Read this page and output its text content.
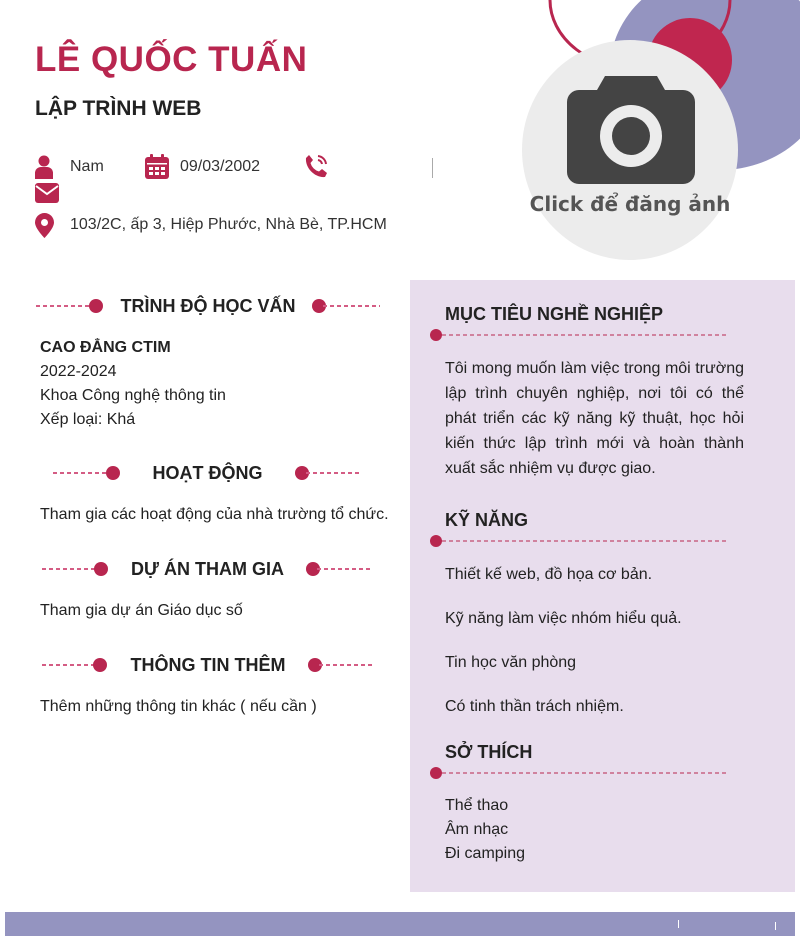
Click để đăng ảnh
LÊ QUỐC TUẤN
LẬP TRÌNH WEB
Nam	09/03/2002
103/2C, ấp 3, Hiệp Phước, Nhà Bè, TP.HCM
TRÌNH ĐỘ HỌC VẤN
CAO ĐẲNG CTIM
2022-2024
Khoa Công nghệ thông tin
Xếp loại: Khá
HOẠT ĐỘNG
Tham gia các hoạt động của nhà trường tổ chức.
DỰ ÁN THAM GIA
Tham gia dự án Giáo dục số
THÔNG TIN THÊM
Thêm những thông tin khác ( nếu cần )
MỤC TIÊU NGHỀ NGHIỆP
Tôi mong muốn làm việc trong môi trường lập trình chuyên nghiệp, nơi tôi có thể phát triển các kỹ năng kỹ thuật, học hỏi kiến thức lập trình mới và hoàn thành xuất sắc nhiệm vụ được giao.
KỸ NĂNG
Thiết kế web, đồ họa cơ bản.
Kỹ năng làm việc nhóm hiểu quả.
Tin học văn phòng
Có tinh thần trách nhiệm.
SỞ THÍCH
Thể thao
Âm nhạc
Đi camping
